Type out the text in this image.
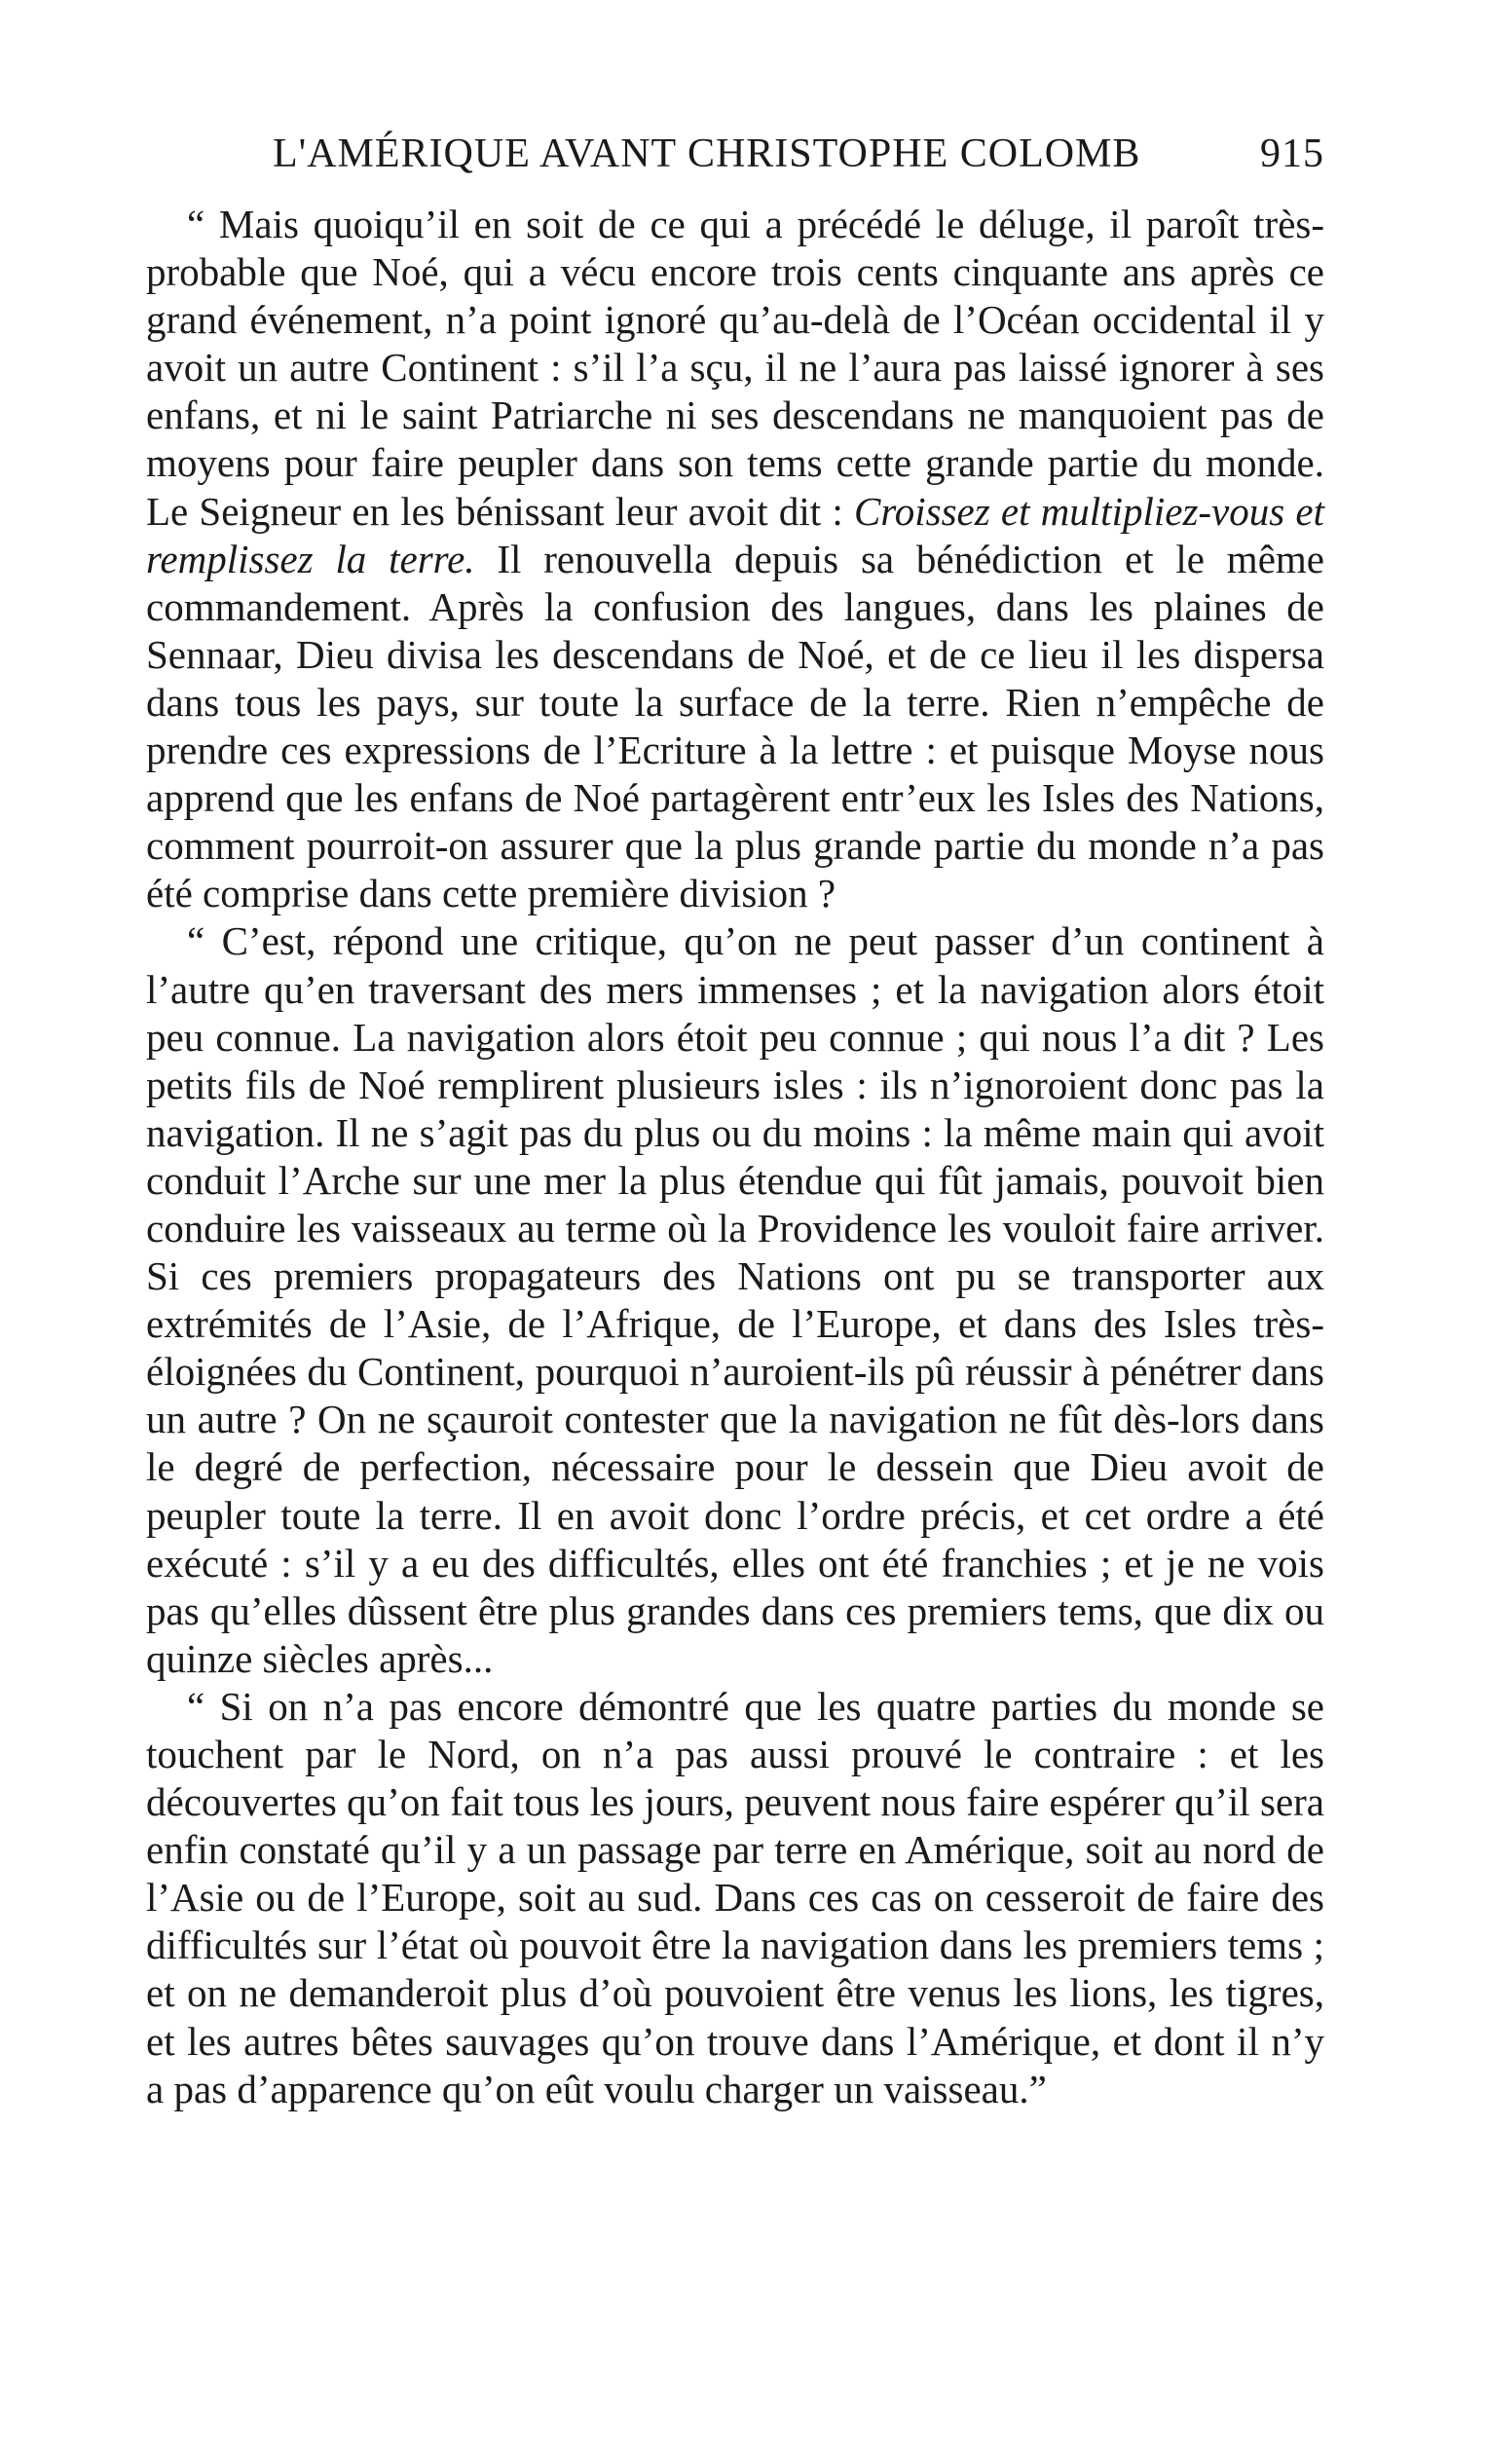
L'AMÉRIQUE AVANT CHRISTOPHE COLOMB	915

“ Mais quoiqu’il en soit de ce qui a précédé le déluge, il paroît très-probable que Noé, qui a vécu encore trois cents cinquante ans après ce grand événement, n’a point ignoré qu’au-delà de l’Océan occidental il y avoit un autre Continent : s’il l’a sçu, il ne l’aura pas laissé ignorer à ses enfans, et ni le saint Patriarche ni ses descendans ne manquoient pas de moyens pour faire peupler dans son tems cette grande partie du monde. Le Seigneur en les bénissant leur avoit dit : Croissez et multipliez-vous et remplissez la terre. Il renouvella depuis sa bénédiction et le même commandement. Après la confusion des langues, dans les plaines de Sennaar, Dieu divisa les descendans de Noé, et de ce lieu il les dispersa dans tous les pays, sur toute la surface de la terre. Rien n’empêche de prendre ces expressions de l’Ecriture à la lettre : et puisque Moyse nous apprend que les enfans de Noé partagèrent entr’eux les Isles des Nations, comment pourroit-on assurer que la plus grande partie du monde n’a pas été comprise dans cette première division ?

“ C’est, répond une critique, qu’on ne peut passer d’un continent à l’autre qu’en traversant des mers immenses ; et la navigation alors étoit peu connue. La navigation alors étoit peu connue ; qui nous l’a dit ? Les petits fils de Noé remplirent plusieurs isles : ils n’ignoroient donc pas la navigation. Il ne s’agit pas du plus ou du moins : la même main qui avoit conduit l’Arche sur une mer la plus étendue qui fût jamais, pouvoit bien conduire les vaisseaux au terme où la Providence les vouloit faire arriver. Si ces premiers propagateurs des Nations ont pu se transporter aux extrémités de l’Asie, de l’Afrique, de l’Europe, et dans des Isles très-éloignées du Continent, pourquoi n’auroient-ils pû réussir à pénétrer dans un autre ? On ne sçauroit contester que la navigation ne fût dès-lors dans le degré de perfection, nécessaire pour le dessein que Dieu avoit de peupler toute la terre. Il en avoit donc l’ordre précis, et cet ordre a été exécuté : s’il y a eu des difficultés, elles ont été franchies ; et je ne vois pas qu’elles dûssent être plus grandes dans ces premiers tems, que dix ou quinze siècles après...

“ Si on n’a pas encore démontré que les quatre parties du monde se touchent par le Nord, on n’a pas aussi prouvé le contraire : et les découvertes qu’on fait tous les jours, peuvent nous faire espérer qu’il sera enfin constaté qu’il y a un passage par terre en Amérique, soit au nord de l’Asie ou de l’Europe, soit au sud. Dans ces cas on cesseroit de faire des difficultés sur l’état où pouvoit être la navigation dans les premiers tems ; et on ne demanderoit plus d’où pouvoient être venus les lions, les tigres, et les autres bêtes sauvages qu’on trouve dans l’Amérique, et dont il n’y a pas d’apparence qu’on eût voulu charger un vaisseau.”
